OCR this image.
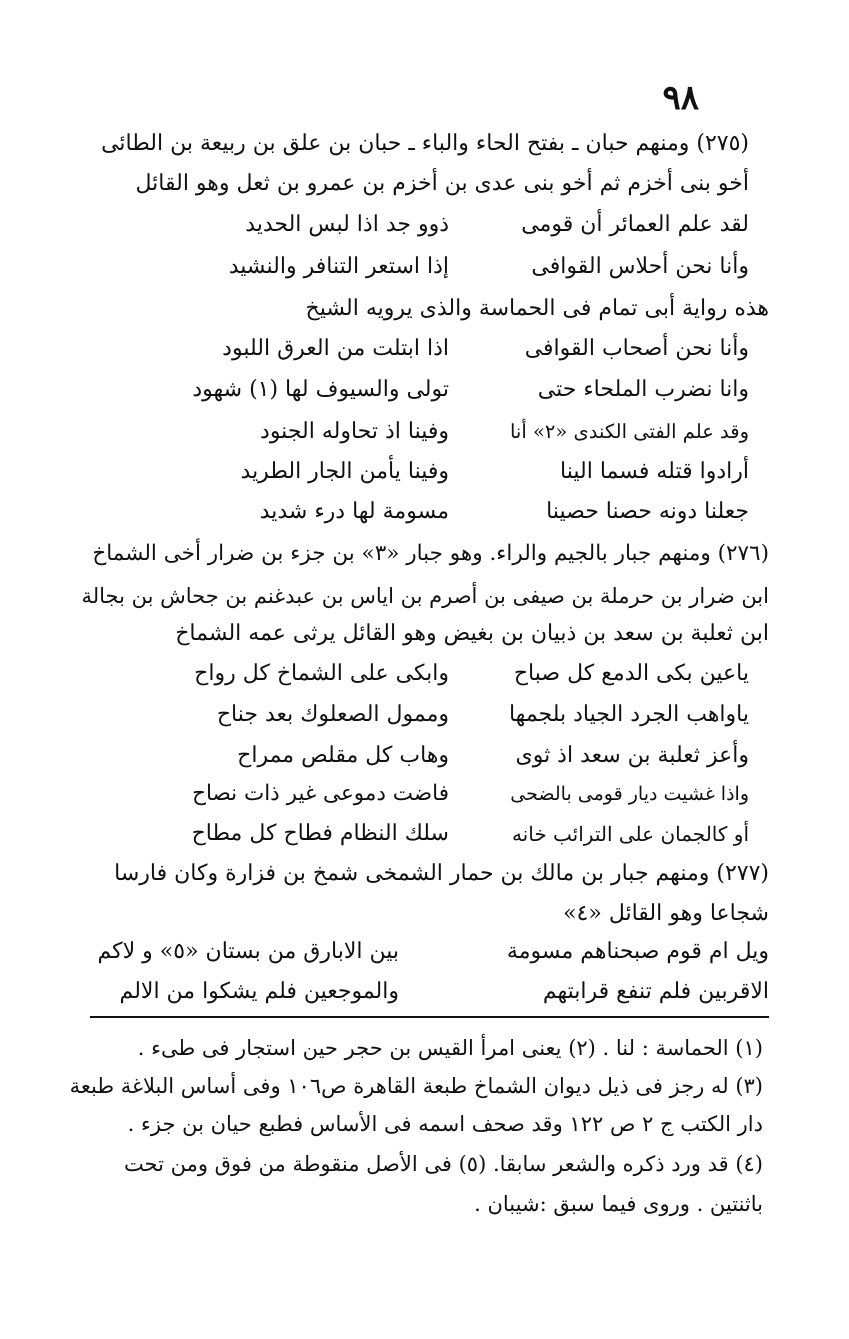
٩٨
(٢٧٥) ومنهم حبان ـ بفتح الحاء والباء ـ حبان بن علق بن ربيعة بن الطائى
أخو بنى أخزم ثم أخو بنى عدى بن أخزم بن عمرو بن ثعل وهو القائل
لقد علم العمائر أن قومى
ذوو جد اذا لبس الحديد
وأنا نحن أحلاس القوافى
إذا استعر التنافر والنشيد
هذه رواية أبى تمام فى الحماسة والذى يرويه الشيخ
وأنا نحن أصحاب القوافى
اذا ابتلت من العرق اللبود
وانا نضرب الملحاء حتى
تولى والسيوف لها (١) شهود
وقد علم الفتى الكندى «٢» أنا
وفينا اذ تحاوله الجنود
أرادوا قتله فسما الينا
وفينا يأمن الجار الطريد
جعلنا دونه حصنا حصينا
مسومة لها درء شديد
(٢٧٦) ومنهم جبار بالجيم والراء. وهو جبار «٣» بن جزء بن ضرار أخى الشماخ
ابن ضرار بن حرملة بن صيفى بن أصرم بن اياس بن عبدغنم بن جحاش بن بجالة
ابن ثعلبة بن سعد بن ذبيان بن بغيض وهو القائل يرثى عمه الشماخ
ياعين بكى الدمع كل صباح
وابكى على الشماخ كل رواح
ياواهب الجرد الجياد بلجمها
وممول الصعلوك بعد جناح
وأعز ثعلبة بن سعد اذ ثوى
وهاب كل مقلص ممراح
واذا غشيت ديار قومى بالضحى
فاضت دموعى غير ذات نصاح
أو كالجمان على الترائب خانه
سلك النظام فطاح كل مطاح
(٢٧٧) ومنهم جبار بن مالك بن حمار الشمخى شمخ بن فزارة وكان فارسا
شجاعا وهو القائل «٤»
ويل ام قوم صبحناهم مسومة
بين الابارق من بستان «٥» و لاكم
الاقربين فلم تنفع قرابتهم
والموجعين فلم يشكوا من الالم
(١) الحماسة : لنا . (٢) يعنى امرأ القيس بن حجر حين استجار فى طىء .
(٣) له رجز فى ذيل ديوان الشماخ طبعة القاهرة ص١٠٦ وفى أساس البلاغة طبعة
دار الكتب ج ٢ ص ١٢٢ وقد صحف اسمه فى الأساس فطبع حيان بن جزء .
(٤) قد ورد ذكره والشعر سابقا. (٥) فى الأصل منقوطة من فوق ومن تحت
باثنتين . وروى فيما سبق :شيبان .
